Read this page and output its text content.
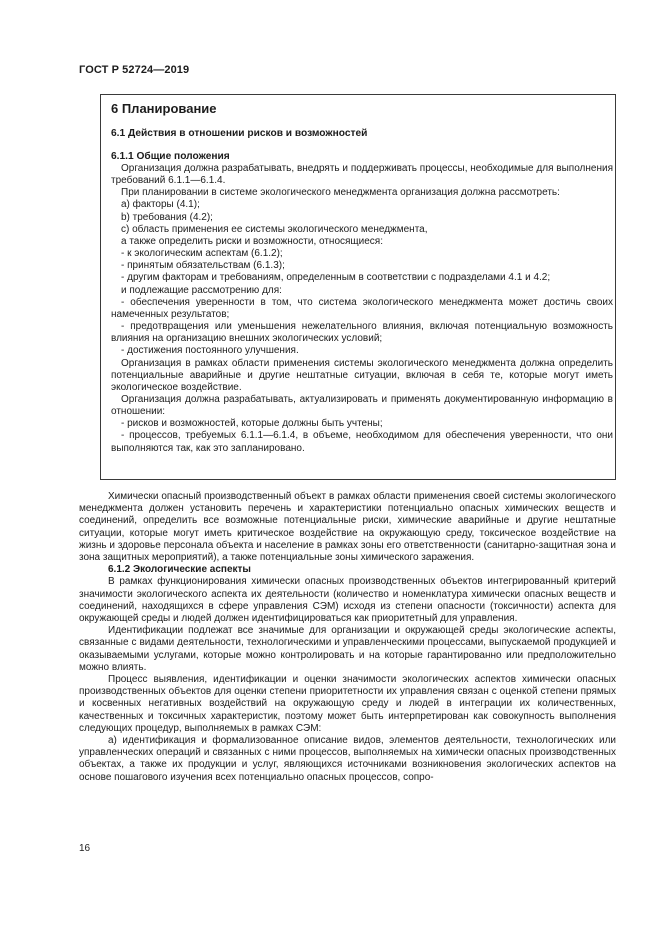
ГОСТ Р 52724—2019
6 Планирование
6.1 Действия в отношении рисков и возможностей
6.1.1 Общие положения

Организация должна разрабатывать, внедрять и поддерживать процессы, необходимые для выполнения требований 6.1.1—6.1.4.

При планировании в системе экологического менеджмента организация должна рассмотреть:

a) факторы (4.1);

b) требования (4.2);

c) область применения ее системы экологического менеджмента,

а также определить риски и возможности, относящиеся:

- к экологическим аспектам (6.1.2);

- принятым обязательствам (6.1.3);

- другим факторам и требованиям, определенным в соответствии с подразделами 4.1 и 4.2;

и подлежащие рассмотрению для:

- обеспечения уверенности в том, что система экологического менеджмента может достичь своих намеченных результатов;

- предотвращения или уменьшения нежелательного влияния, включая потенциальную возможность влияния на организацию внешних экологических условий;

- достижения постоянного улучшения.

Организация в рамках области применения системы экологического менеджмента должна определить потенциальные аварийные и другие нештатные ситуации, включая в себя те, которые могут иметь экологическое воздействие.

Организация должна разрабатывать, актуализировать и применять документированную информацию в отношении:

- рисков и возможностей, которые должны быть учтены;

- процессов, требуемых 6.1.1—6.1.4, в объеме, необходимом для обеспечения уверенности, что они выполняются так, как это запланировано.

Химически опасный производственный объект в рамках области применения своей системы экологического менеджмента должен установить перечень и характеристики потенциально опасных химических веществ и соединений, определить все возможные потенциальные риски, химические аварийные и другие нештатные ситуации, которые могут иметь критическое воздействие на окружающую среду, токсическое воздействие на жизнь и здоровье персонала объекта и население в рамках зоны его ответственности (санитарно-защитная зона и зона защитных мероприятий), а также потенциальные зоны химического заражения.

6.1.2 Экологические аспекты

В рамках функционирования химически опасных производственных объектов интегрированный критерий значимости экологического аспекта их деятельности (количество и номенклатура химически опасных веществ и соединений, находящихся в сфере управления СЭМ) исходя из степени опасности (токсичности) аспекта для окружающей среды и людей должен идентифицироваться как приоритетный для управления.

Идентификации подлежат все значимые для организации и окружающей среды экологические аспекты, связанные с видами деятельности, технологическими и управленческими процессами, выпускаемой продукцией и оказываемыми услугами, которые можно контролировать и на которые гарантированно или предположительно можно влиять.

Процесс выявления, идентификации и оценки значимости экологических аспектов химически опасных производственных объектов для оценки степени приоритетности их управления связан с оценкой степени прямых и косвенных негативных воздействий на окружающую среду и людей в интеграции их количественных, качественных и токсичных характеристик, поэтому может быть интерпретирован как совокупность выполнения следующих процедур, выполняемых в рамках СЭМ:

а) идентификация и формализованное описание видов, элементов деятельности, технологических или управленческих операций и связанных с ними процессов, выполняемых на химически опасных производственных объектах, а также их продукции и услуг, являющихся источниками возникновения экологических аспектов на основе пошагового изучения всех потенциально опасных процессов, сопро-

16
